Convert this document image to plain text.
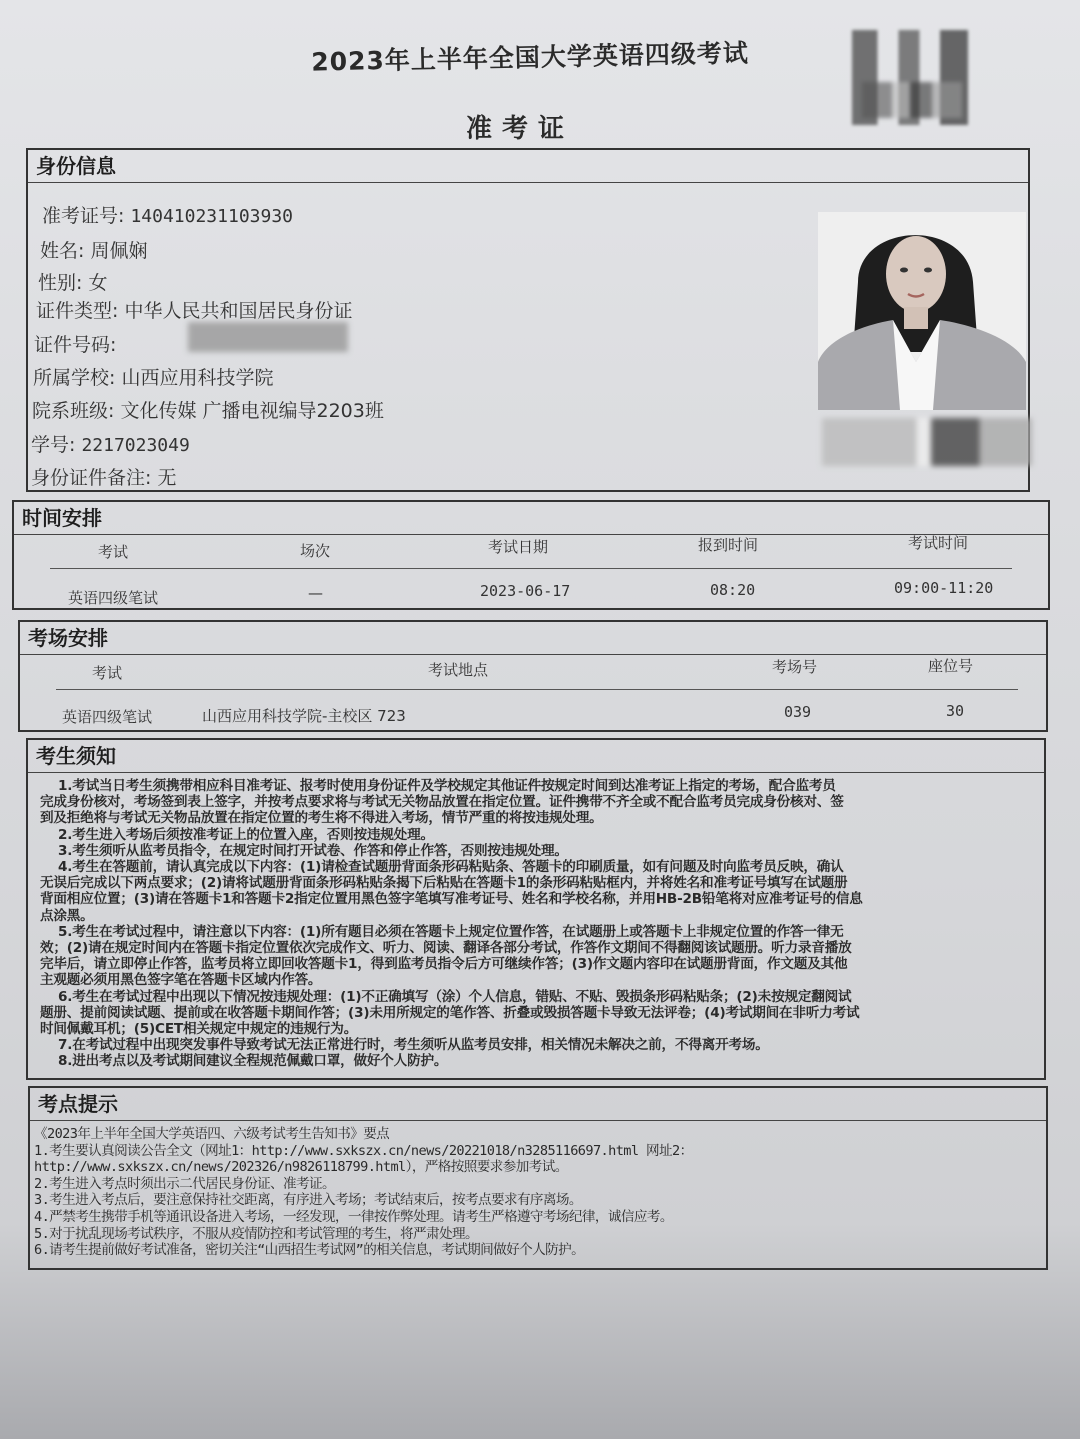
2023年上半年全国大学英语四级考试
准考证
身份信息
准考证号: 140410231103930
姓名: 周佩娴
性别: 女
证件类型: 中华人民共和国居民身份证
证件号码:
所属学校: 山西应用科技学院
院系班级: 文化传媒 广播电视编导2203班
学号: 2217023049
身份证件备注: 无
时间安排
考试	场次	考试日期	报到时间	考试时间
英语四级笔试	—	2023-06-17	08:20	09:00-11:20
考场安排
考试	考试地点	考场号	座位号
英语四级笔试	山西应用科技学院-主校区 723	039	30
考生须知

1.考试当日考生须携带相应科目准考证、报考时使用身份证件及学校规定其他证件按规定时间到达准考证上指定的考场，配合监考员

完成身份核对，考场签到表上签字，并按考点要求将与考试无关物品放置在指定位置。证件携带不齐全或不配合监考员完成身份核对、签

到及拒绝将与考试无关物品放置在指定位置的考生将不得进入考场，情节严重的将按违规处理。

2.考生进入考场后须按准考证上的位置入座，否则按违规处理。

3.考生须听从监考员指令，在规定时间打开试卷、作答和停止作答，否则按违规处理。

4.考生在答题前，请认真完成以下内容：(1)请检查试题册背面条形码粘贴条、答题卡的印刷质量，如有问题及时向监考员反映，确认

无误后完成以下两点要求；(2)请将试题册背面条形码粘贴条揭下后粘贴在答题卡1的条形码粘贴框内，并将姓名和准考证号填写在试题册

背面相应位置；(3)请在答题卡1和答题卡2指定位置用黑色签字笔填写准考证号、姓名和学校名称，并用HB-2B铅笔将对应准考证号的信息

点涂黑。

5.考生在考试过程中，请注意以下内容：(1)所有题目必须在答题卡上规定位置作答，在试题册上或答题卡上非规定位置的作答一律无

效；(2)请在规定时间内在答题卡指定位置依次完成作文、听力、阅读、翻译各部分考试，作答作文期间不得翻阅该试题册。听力录音播放

完毕后，请立即停止作答，监考员将立即回收答题卡1，得到监考员指令后方可继续作答；(3)作文题内容印在试题册背面，作文题及其他

主观题必须用黑色签字笔在答题卡区域内作答。

6.考生在考试过程中出现以下情况按违规处理：(1)不正确填写（涂）个人信息，错贴、不贴、毁损条形码粘贴条；(2)未按规定翻阅试

题册、提前阅读试题、提前或在收答题卡期间作答；(3)未用所规定的笔作答、折叠或毁损答题卡导致无法评卷；(4)考试期间在非听力考试

时间佩戴耳机；(5)CET相关规定中规定的违规行为。

7.在考试过程中出现突发事件导致考试无法正常进行时，考生须听从监考员安排，相关情况未解决之前，不得离开考场。

8.进出考点以及考试期间建议全程规范佩戴口罩，做好个人防护。

考点提示

《2023年上半年全国大学英语四、六级考试考生告知书》要点

1.考生要认真阅读公告全文（网址1：http://www.sxkszx.cn/news/20221018/n3285116697.html 网址2：

http://www.sxkszx.cn/news/202326/n9826118799.html），严格按照要求参加考试。

2.考生进入考点时须出示二代居民身份证、准考证。

3.考生进入考点后，要注意保持社交距离，有序进入考场；考试结束后，按考点要求有序离场。

4.严禁考生携带手机等通讯设备进入考场，一经发现，一律按作弊处理。请考生严格遵守考场纪律，诚信应考。

5.对于扰乱现场考试秩序，不服从疫情防控和考试管理的考生，将严肃处理。

6.请考生提前做好考试准备，密切关注“山西招生考试网”的相关信息，考试期间做好个人防护。
